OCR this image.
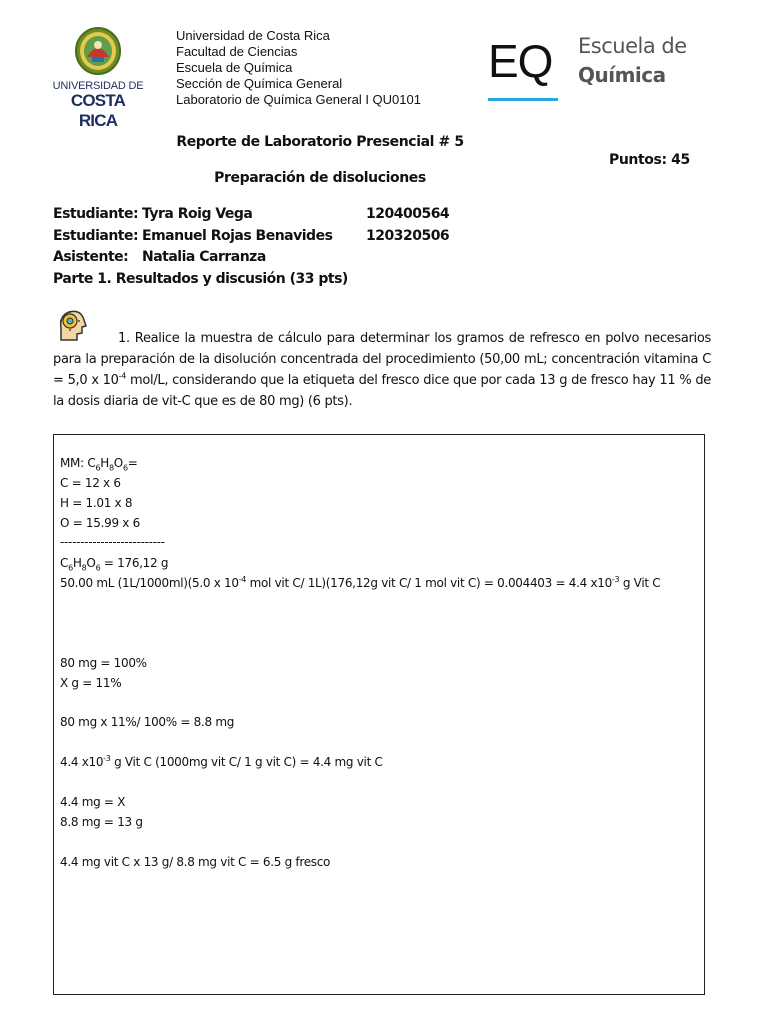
UNIVERSIDAD DE
COSTA RICA
Universidad de Costa Rica
Facultad de Ciencias
Escuela de Química
Sección de Química General
Laboratorio de Química General I QU0101
EQ Escuela de
Química
Reporte de Laboratorio Presencial # 5
Puntos: 45
Preparación de disoluciones
Estudiante: Tyra Roig Vega	120400564
Estudiante: Emanuel Rojas Benavides 120320506
Asistente: Natalia Carranza
Parte 1. Resultados y discusión (33 pts)
1. Realice la muestra de cálculo para determinar los gramos de refresco en polvo necesarios para la preparación de la disolución concentrada del procedimiento (50,00 mL; concentración vitamina C = 5,0 x $10^{-4}$ mol/L, considerando que la etiqueta del fresco dice que por cada 13 g de fresco hay 11 % de la dosis diaria de vit-C que es de 80 mg) (6 pts).
MM: $C_6H_8O_6=$
C = 12 x 6
H = 1.01 x 8
O = 15.99 x 6
--------------------------
$C_6H_8O_6 = 176,12$ g
50.00 mL (1L/1000ml)(5.0 x $10^{-4}$ mol vit C/ 1L)(176,12g vit C/ 1 mol vit C) = 0.004403 = 4.4 $x10^{-3}$ g Vit C
80 mg = 100%
X g = 11%
80 mg x 11%/ 100% = 8.8 mg
4.4 $x10^{-3}$ g Vit C (1000mg vit C/ 1 g vit C) = 4.4 mg vit C
4.4 mg = X
8.8 mg = 13 g
4.4 mg vit C x 13 g/ 8.8 mg vit C = 6.5 g fresco
